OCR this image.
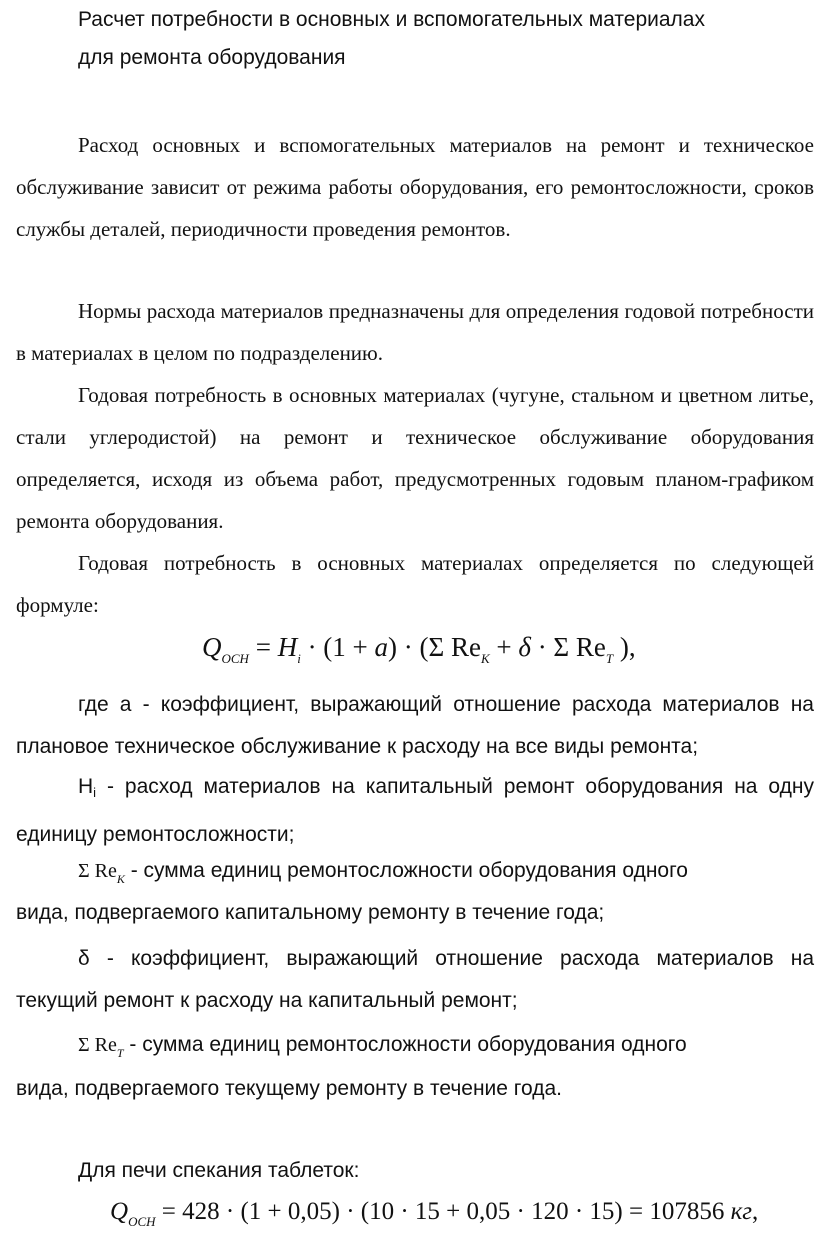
Расчет потребности в основных и вспомогательных материалах

для ремонта оборудования

Расход основных и вспомогательных материалов на ремонт и техническое обслуживание зависит от режима работы оборудования, его ремонтосложности, сроков службы деталей, периодичности проведения ремонтов.

Нормы расхода материалов предназначены для определения годовой потребности в материалах в целом по подразделению.

Годовая потребность в основных материалах (чугуне, стальном и цветном литье, стали углеродистой) на ремонт и техническое обслуживание оборудования определяется, исходя из объема работ, предусмотренных годовым планом-графиком ремонта оборудования.

Годовая потребность в основных материалах определяется по следующей формуле:

$Q_{ОСН} = H_i \cdot (1 + a) \cdot (\Sigma$ $Re_K + \delta \cdot \Sigma$ $Re_T$ ),

где а - коэффициент, выражающий отношение расхода материалов на плановое техническое обслуживание к расходу на все виды ремонта;

Нi - расход материалов на капитальный ремонт оборудования на одну единицу ремонтосложности;

Σ $Re_K$ - сумма единиц ремонтосложности оборудования одного

вида, подвергаемого капитальному ремонту в течение года;

δ - коэффициент, выражающий отношение расхода материалов на текущий ремонт к расходу на капитальный ремонт;

Σ $Re_T$ - сумма единиц ремонтосложности оборудования одного

вида, подвергаемого текущему ремонту в течение года.

Для печи спекания таблеток:

$Q_{ОСН} = 428 \cdot (1 + 0,05) \cdot (10 \cdot 15 + 0,05 \cdot 120 \cdot 15) = 107856$ кг,
